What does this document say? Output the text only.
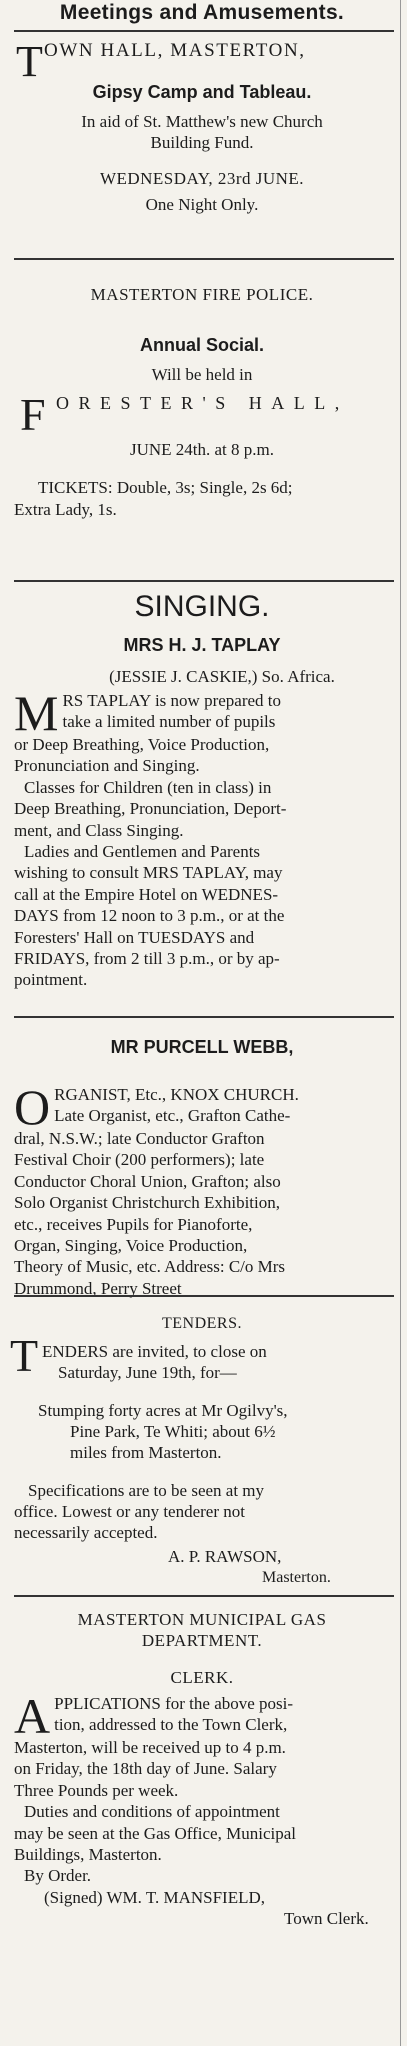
Meetings and Amusements.
T OWN HALL, MASTERTON,
Gipsy Camp and Tableau.
In aid of St. Matthew's new Church
Building Fund.
WEDNESDAY, 23rd JUNE.
One Night Only.
MASTERTON FIRE POLICE.
Annual Social.
Will be held in
F ORESTER'S HALL,
JUNE 24th. at 8 p.m.
TICKETS: Double, 3s; Single, 2s 6d;
Extra Lady, 1s.
SINGING.
MRS H. J. TAPLAY
(JESSIE J. CASKIE,) So. Africa.
M RS TAPLAY is now prepared to
take a limited number of pupils
or Deep Breathing, Voice Production,
Pronunciation and Singing.
Classes for Children (ten in class) in
Deep Breathing, Pronunciation, Deport-
ment, and Class Singing.
Ladies and Gentlemen and Parents
wishing to consult MRS TAPLAY, may
call at the Empire Hotel on WEDNES-
DAYS from 12 noon to 3 p.m., or at the
Foresters' Hall on TUESDAYS and
FRIDAYS, from 2 till 3 p.m., or by ap-
pointment.
MR PURCELL WEBB,
O RGANIST, Etc., KNOX CHURCH.
Late Organist, etc., Grafton Cathe-
dral, N.S.W.; late Conductor Grafton
Festival Choir (200 performers); late
Conductor Choral Union, Grafton; also
Solo Organist Christchurch Exhibition,
etc., receives Pupils for Pianoforte,
Organ, Singing, Voice Production,
Theory of Music, etc. Address: C/o Mrs
Drummond, Perry Street
TENDERS.
T ENDERS are invited, to close on
Saturday, June 19th, for—
Stumping forty acres at Mr Ogilvy's,
Pine Park, Te Whiti; about 6½
miles from Masterton.
Specifications are to be seen at my
office. Lowest or any tenderer not
necessarily accepted.
A. P. RAWSON,
Masterton.
MASTERTON MUNICIPAL GAS
DEPARTMENT.
CLERK.
A PPLICATIONS for the above posi-
tion, addressed to the Town Clerk,
Masterton, will be received up to 4 p.m.
on Friday, the 18th day of June. Salary
Three Pounds per week.
Duties and conditions of appointment
may be seen at the Gas Office, Municipal
Buildings, Masterton.
By Order.
(Signed) WM. T. MANSFIELD,
Town Clerk.
